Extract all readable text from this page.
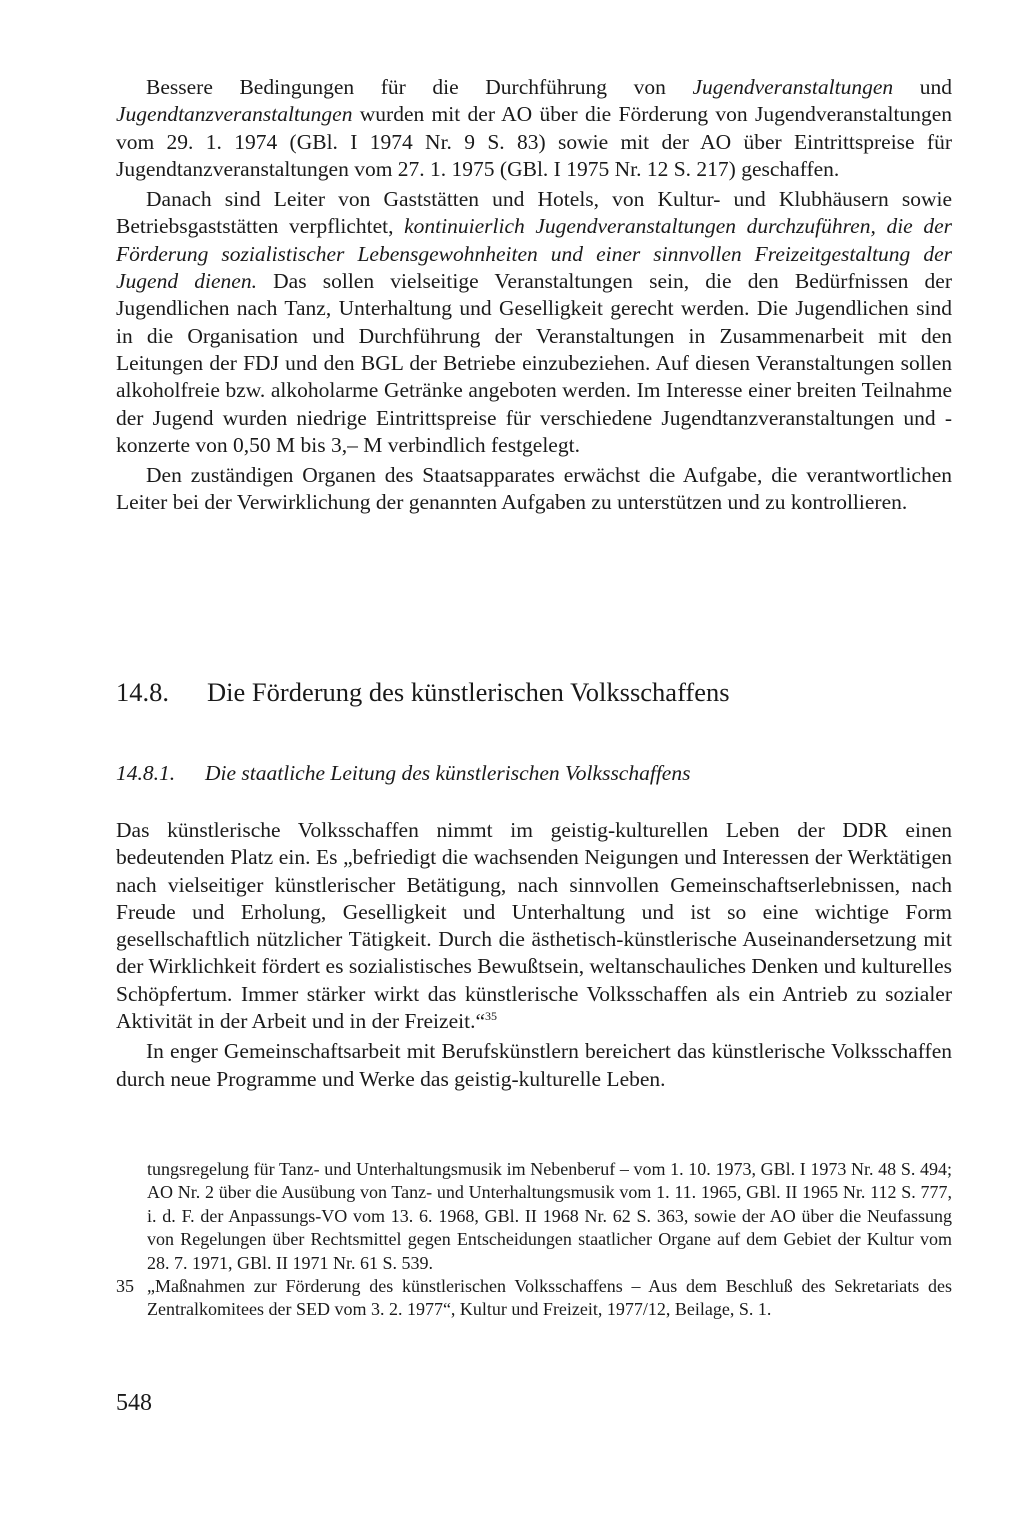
Bessere Bedingungen für die Durchführung von Jugendveranstaltungen und Jugendtanzveranstaltungen wurden mit der AO über die Förderung von Jugendveranstaltungen vom 29. 1. 1974 (GBl. I 1974 Nr. 9 S. 83) sowie mit der AO über Eintrittspreise für Jugendtanzveranstaltungen vom 27. 1. 1975 (GBl. I 1975 Nr. 12 S. 217) geschaffen.

Danach sind Leiter von Gaststätten und Hotels, von Kultur- und Klubhäusern sowie Betriebsgaststätten verpflichtet, kontinuierlich Jugendveranstaltungen durchzuführen, die der Förderung sozialistischer Lebensgewohnheiten und einer sinnvollen Freizeitgestaltung der Jugend dienen. Das sollen vielseitige Veranstaltungen sein, die den Bedürfnissen der Jugendlichen nach Tanz, Unterhaltung und Geselligkeit gerecht werden. Die Jugendlichen sind in die Organisation und Durchführung der Veranstaltungen in Zusammenarbeit mit den Leitungen der FDJ und den BGL der Betriebe einzubeziehen. Auf diesen Veranstaltungen sollen alkoholfreie bzw. alkoholarme Getränke angeboten werden. Im Interesse einer breiten Teilnahme der Jugend wurden niedrige Eintrittspreise für verschiedene Jugendtanzveranstaltungen und -konzerte von 0,50 M bis 3,– M verbindlich festgelegt.

Den zuständigen Organen des Staatsapparates erwächst die Aufgabe, die verantwortlichen Leiter bei der Verwirklichung der genannten Aufgaben zu unterstützen und zu kontrollieren.

14.8. Die Förderung des künstlerischen Volksschaffens
14.8.1. Die staatliche Leitung des künstlerischen Volksschaffens

Das künstlerische Volksschaffen nimmt im geistig-kulturellen Leben der DDR einen bedeutenden Platz ein. Es „befriedigt die wachsenden Neigungen und Interessen der Werktätigen nach vielseitiger künstlerischer Betätigung, nach sinnvollen Gemeinschaftserlebnissen, nach Freude und Erholung, Geselligkeit und Unterhaltung und ist so eine wichtige Form gesellschaftlich nützlicher Tätigkeit. Durch die ästhetisch-künstlerische Auseinandersetzung mit der Wirklichkeit fördert es sozialistisches Bewußtsein, weltanschauliches Denken und kulturelles Schöpfertum. Immer stärker wirkt das künstlerische Volksschaffen als ein Antrieb zu sozialer Aktivität in der Arbeit und in der Freizeit.“$^{35}$

In enger Gemeinschaftsarbeit mit Berufskünstlern bereichert das künstlerische Volksschaffen durch neue Programme und Werke das geistig-kulturelle Leben.

tungsregelung für Tanz- und Unterhaltungsmusik im Nebenberuf – vom 1. 10. 1973, GBl. I 1973 Nr. 48 S. 494; AO Nr. 2 über die Ausübung von Tanz- und Unterhaltungsmusik vom 1. 11. 1965, GBl. II 1965 Nr. 112 S. 777, i. d. F. der Anpassungs-VO vom 13. 6. 1968, GBl. II 1968 Nr. 62 S. 363, sowie der AO über die Neufassung von Regelungen über Rechtsmittel gegen Entscheidungen staatlicher Organe auf dem Gebiet der Kultur vom 28. 7. 1971, GBl. II 1971 Nr. 61 S. 539.

35 „Maßnahmen zur Förderung des künstlerischen Volksschaffens – Aus dem Beschluß des Sekretariats des Zentralkomitees der SED vom 3. 2. 1977“, Kultur und Freizeit, 1977/12, Beilage, S. 1.
548
